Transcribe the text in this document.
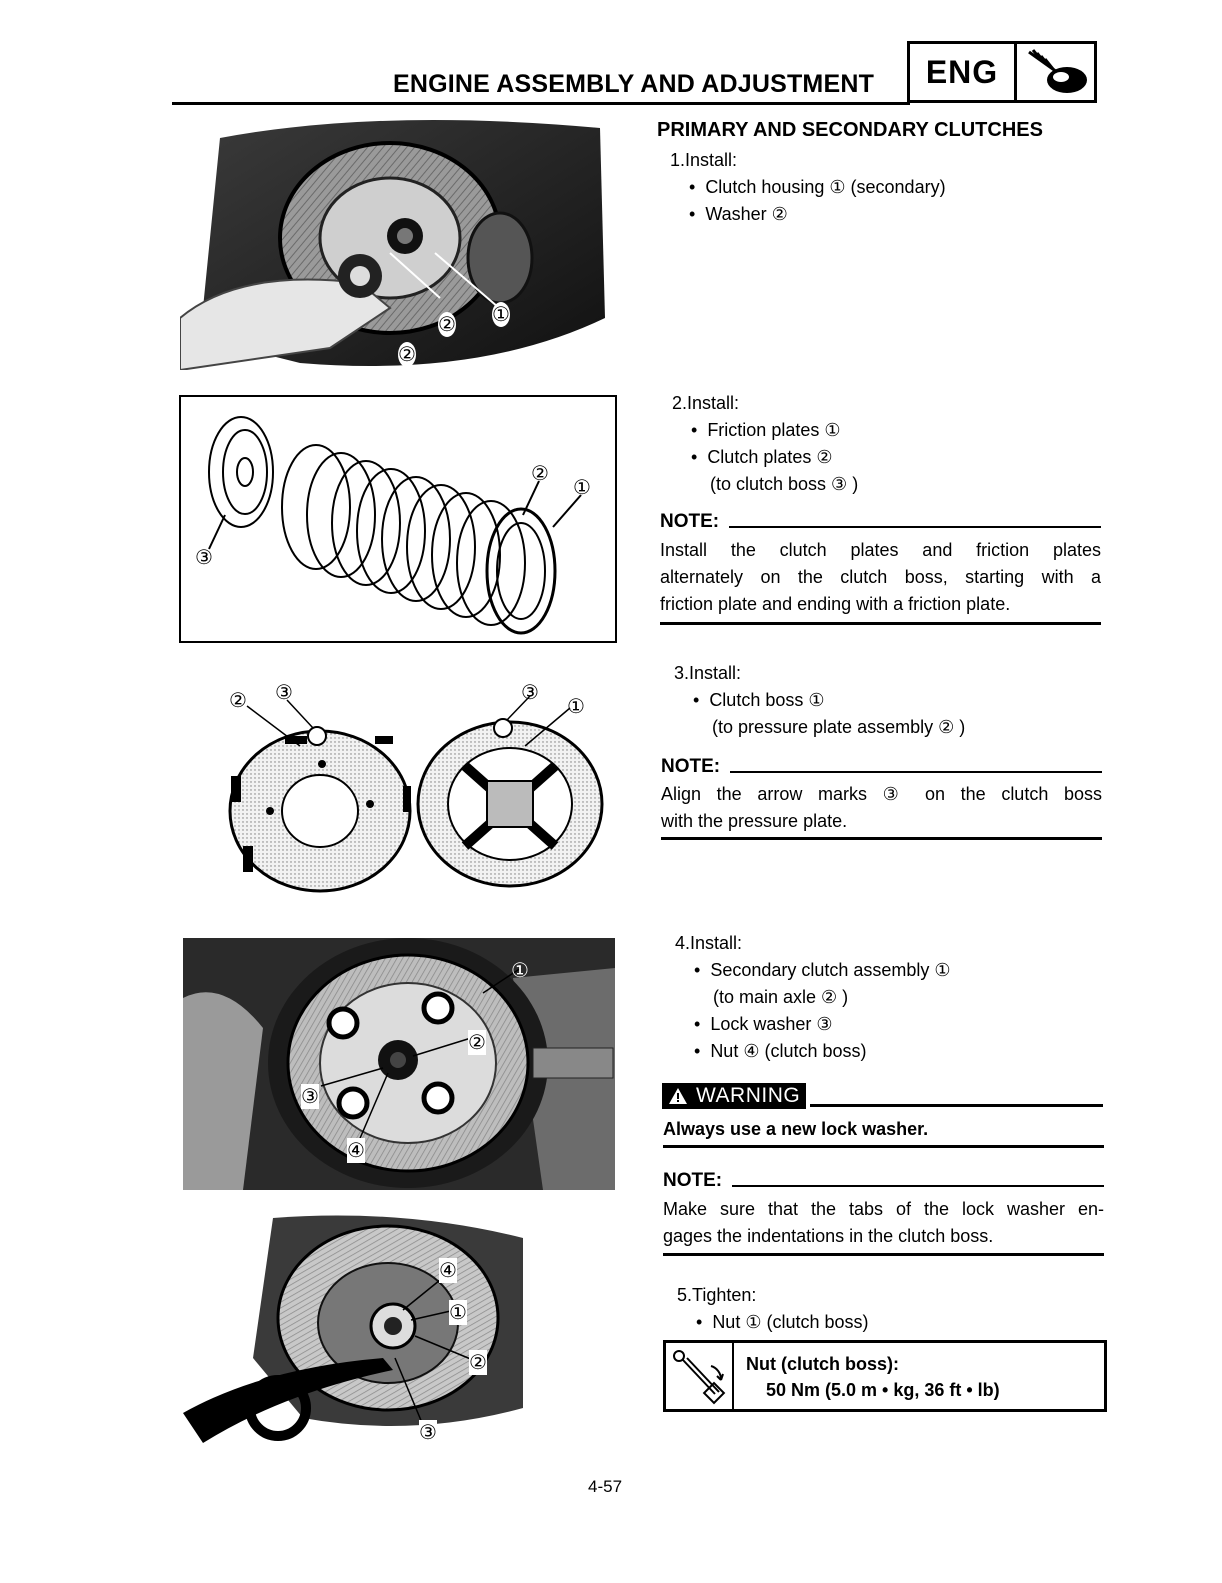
ENGINE ASSEMBLY AND ADJUSTMENT	ENG
② ①
②
②
①
③
② ③	③
①
①
②
③
④
④
①
②
③
PRIMARY AND SECONDARY CLUTCHES
1.Install:
• Clutch housing ① (secondary)
• Washer ②
2.Install:
• Friction plates ①
• Clutch plates ②
(to clutch boss ③ )
NOTE:
Install the clutch plates and friction plates
alternately on the clutch boss, starting with a
friction plate and ending with a friction plate.
3.Install:
• Clutch boss ①
(to pressure plate assembly ② )
NOTE:
Align the arrow marks ③ on the clutch boss
with the pressure plate.
4.Install:
• Secondary clutch assembly ①
(to main axle ② )
• Lock washer ③
• Nut ④ (clutch boss)
WARNING
Always use a new lock washer.
NOTE:
Make sure that the tabs of the lock washer en-
gages the indentations in the clutch boss.
5.Tighten:
• Nut ① (clutch boss)
Nut (clutch boss):
50 Nm (5.0 m • kg, 36 ft • lb)
4-57
